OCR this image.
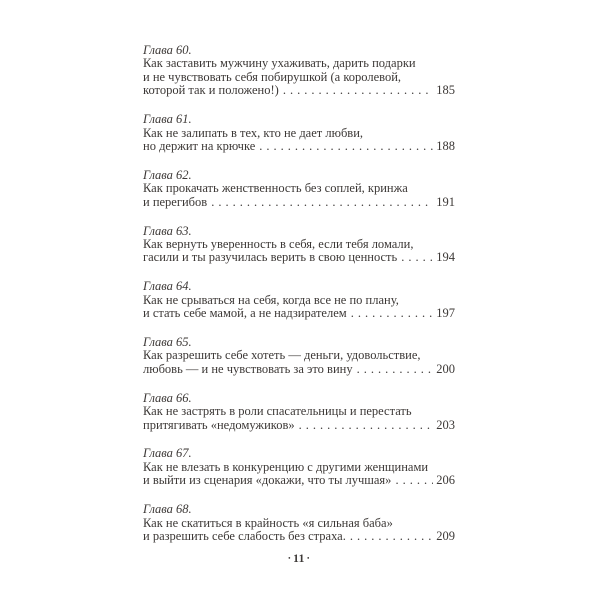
Глава 60.
Как заставить мужчину ухаживать, дарить подарки
и не чувствовать себя побирушкой (а королевой,
которой так и положено!) .....	185
Глава 61.
Как не залипать в тех, кто не дает любви,
но держит на крючке .....	188
Глава 62.
Как прокачать женственность без соплей, кринжа
и перегибов .....	191
Глава 63.
Как вернуть уверенность в себя, если тебя ломали,
гасили и ты разучилась верить в свою ценность .....	194
Глава 64.
Как не срываться на себя, когда все не по плану,
и стать себе мамой, а не надзирателем .....	197
Глава 65.
Как разрешить себе хотеть — деньги, удовольствие,
любовь — и не чувствовать за это вину .....	200
Глава 66.
Как не застрять в роли спасательницы и перестать
притягивать «недомужиков» .....	203
Глава 67.
Как не влезать в конкуренцию с другими женщинами
и выйти из сценария «докажи, что ты лучшая» .....	206
Глава 68.
Как не скатиться в крайность «я сильная баба»
и разрешить себе слабость без страха. .....	209
• 11 •
